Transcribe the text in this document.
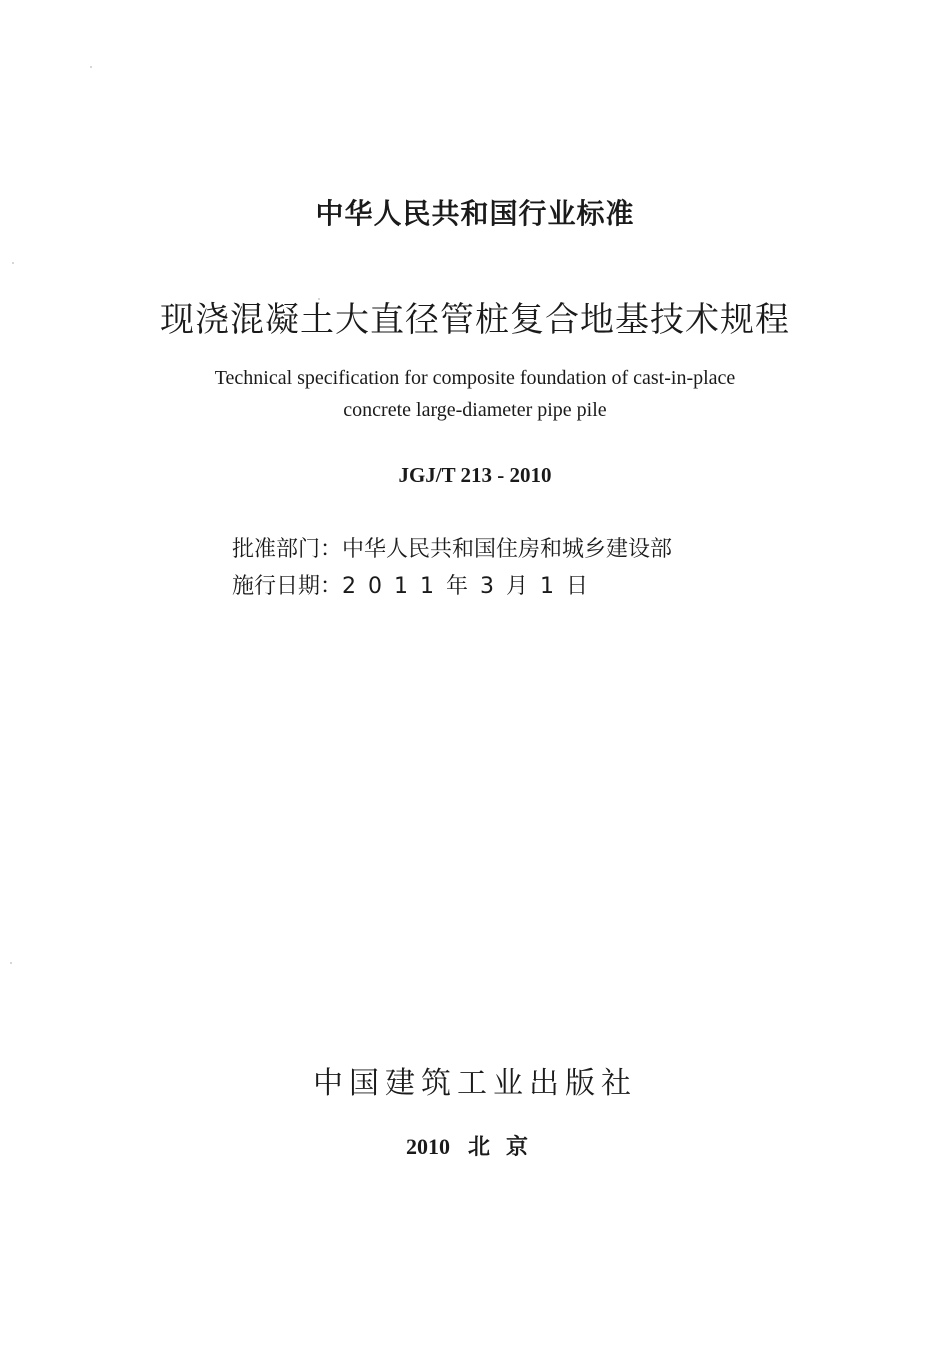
中华人民共和国行业标准
现浇混凝土大直径管桩复合地基技术规程
Technical specification for composite foundation of cast-in-place
concrete large-diameter pipe pile
JGJ/T 213 - 2010
批准部门：中华人民共和国住房和城乡建设部
施行日期：2011年3月1日
中国建筑工业出版社
2010 北京
